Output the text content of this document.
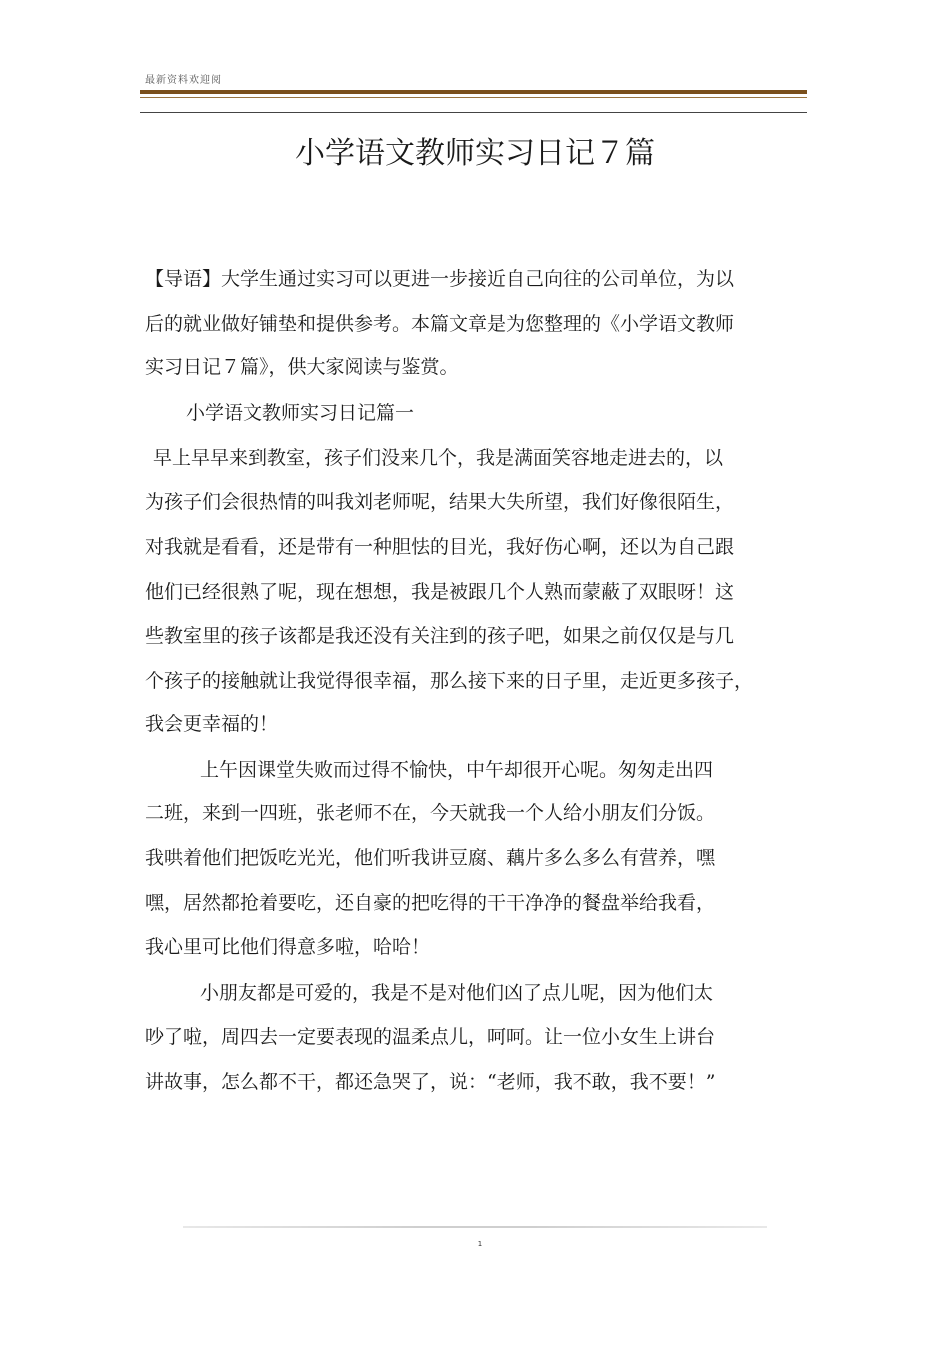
最新资料欢迎阅
小学语文教师实习日记７篇

【导语】大学生通过实习可以更进一步接近自己向往的公司单位，为以

后的就业做好铺垫和提供参考。本篇文章是为您整理的《小学语文教师

实习日记７篇》，供大家阅读与鉴赏。

小学语文教师实习日记篇一

早上早早来到教室，孩子们没来几个，我是满面笑容地走进去的，以

为孩子们会很热情的叫我刘老师呢，结果大失所望，我们好像很陌生，

对我就是看看，还是带有一种胆怯的目光，我好伤心啊，还以为自己跟

他们已经很熟了呢，现在想想，我是被跟几个人熟而蒙蔽了双眼呀！这

些教室里的孩子该都是我还没有关注到的孩子吧，如果之前仅仅是与几

个孩子的接触就让我觉得很幸福，那么接下来的日子里，走近更多孩子，

我会更幸福的！

上午因课堂失败而过得不愉快，中午却很开心呢。匆匆走出四

二班，来到一四班，张老师不在，今天就我一个人给小朋友们分饭。

我哄着他们把饭吃光光，他们听我讲豆腐、藕片多么多么有营养，嘿

嘿，居然都抢着要吃，还自豪的把吃得的干干净净的餐盘举给我看，

我心里可比他们得意多啦，哈哈！

小朋友都是可爱的，我是不是对他们凶了点儿呢，因为他们太

吵了啦，周四去一定要表现的温柔点儿，呵呵。让一位小女生上讲台

讲故事，怎么都不干，都还急哭了，说：“老师，我不敢，我不要！”

1
